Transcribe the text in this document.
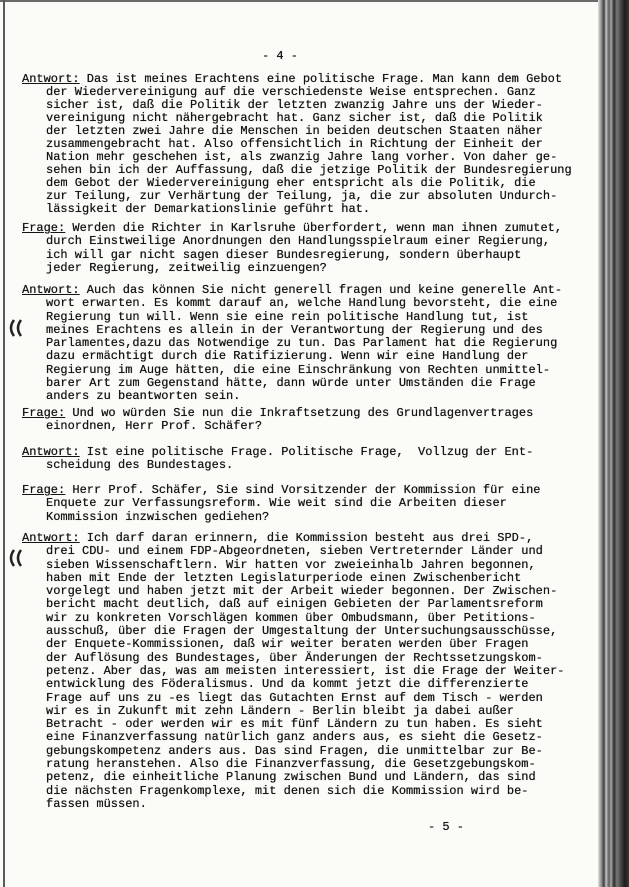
- 4 -
Antwort: Das ist meines Erachtens eine politische Frage. Man kann dem Gebot
der Wiedervereinigung auf die verschiedenste Weise entsprechen. Ganz
sicher ist, daß die Politik der letzten zwanzig Jahre uns der Wieder-
vereinigung nicht nähergebracht hat. Ganz sicher ist, daß die Politik
der letzten zwei Jahre die Menschen in beiden deutschen Staaten näher
zusammengebracht hat. Also offensichtlich in Richtung der Einheit der
Nation mehr geschehen ist, als zwanzig Jahre lang vorher. Von daher ge-
sehen bin ich der Auffassung, daß die jetzige Politik der Bundesregierung
dem Gebot der Wiedervereinigung eher entspricht als die Politik, die
zur Teilung, zur Verhärtung der Teilung, ja, die zur absoluten Undurch-
lässigkeit der Demarkationslinie geführt hat.
Frage: Werden die Richter in Karlsruhe überfordert, wenn man ihnen zumutet,
durch Einstweilige Anordnungen den Handlungsspielraum einer Regierung,
ich will gar nicht sagen dieser Bundesregierung, sondern überhaupt
jeder Regierung, zeitweilig einzuengen?
Antwort: Auch das können Sie nicht generell fragen und keine generelle Ant-
wort erwarten. Es kommt darauf an, welche Handlung bevorsteht, die eine
Regierung tun will. Wenn sie eine rein politische Handlung tut, ist
meines Erachtens es allein in der Verantwortung der Regierung und des
Parlamentes,dazu das Notwendige zu tun. Das Parlament hat die Regierung
dazu ermächtigt durch die Ratifizierung. Wenn wir eine Handlung der
Regierung im Auge hätten, die eine Einschränkung von Rechten unmittel-
barer Art zum Gegenstand hätte, dann würde unter Umständen die Frage
anders zu beantworten sein.
Frage: Und wo würden Sie nun die Inkraftsetzung des Grundlagenvertrages
einordnen, Herr Prof. Schäfer?
Antwort: Ist eine politische Frage. Politische Frage,  Vollzug der Ent-
scheidung des Bundestages.
Frage: Herr Prof. Schäfer, Sie sind Vorsitzender der Kommission für eine
Enquete zur Verfassungsreform. Wie weit sind die Arbeiten dieser
Kommission inzwischen gediehen?
Antwort: Ich darf daran erinnern, die Kommission besteht aus drei SPD-,
drei CDU- und einem FDP-Abgeordneten, sieben Vertreternder Länder und
sieben Wissenschaftlern. Wir hatten vor zweieinhalb Jahren begonnen,
haben mit Ende der letzten Legislaturperiode einen Zwischenbericht
vorgelegt und haben jetzt mit der Arbeit wieder begonnen. Der Zwischen-
bericht macht deutlich, daß auf einigen Gebieten der Parlamentsreform
wir zu konkreten Vorschlägen kommen über Ombudsmann, über Petitions-
ausschuß, über die Fragen der Umgestaltung der Untersuchungsausschüsse,
der Enquete-Kommissionen, daß wir weiter beraten werden über Fragen
der Auflösung des Bundestages, über Änderungen der Rechtssetzungskom-
petenz. Aber das, was am meisten interessiert, ist die Frage der Weiter-
entwicklung des Föderalismus. Und da kommt jetzt die differenzierte
Frage auf uns zu -es liegt das Gutachten Ernst auf dem Tisch - werden
wir es in Zukunft mit zehn Ländern - Berlin bleibt ja dabei außer
Betracht - oder werden wir es mit fünf Ländern zu tun haben. Es sieht
eine Finanzverfassung natürlich ganz anders aus, es sieht die Gesetz-
gebungskompetenz anders aus. Das sind Fragen, die unmittelbar zur Be-
ratung heranstehen. Also die Finanzverfassung, die Gesetzgebungskom-
petenz, die einheitliche Planung zwischen Bund und Ländern, das sind
die nächsten Fragenkomplexe, mit denen sich die Kommission wird be-
fassen müssen.
- 5 -
